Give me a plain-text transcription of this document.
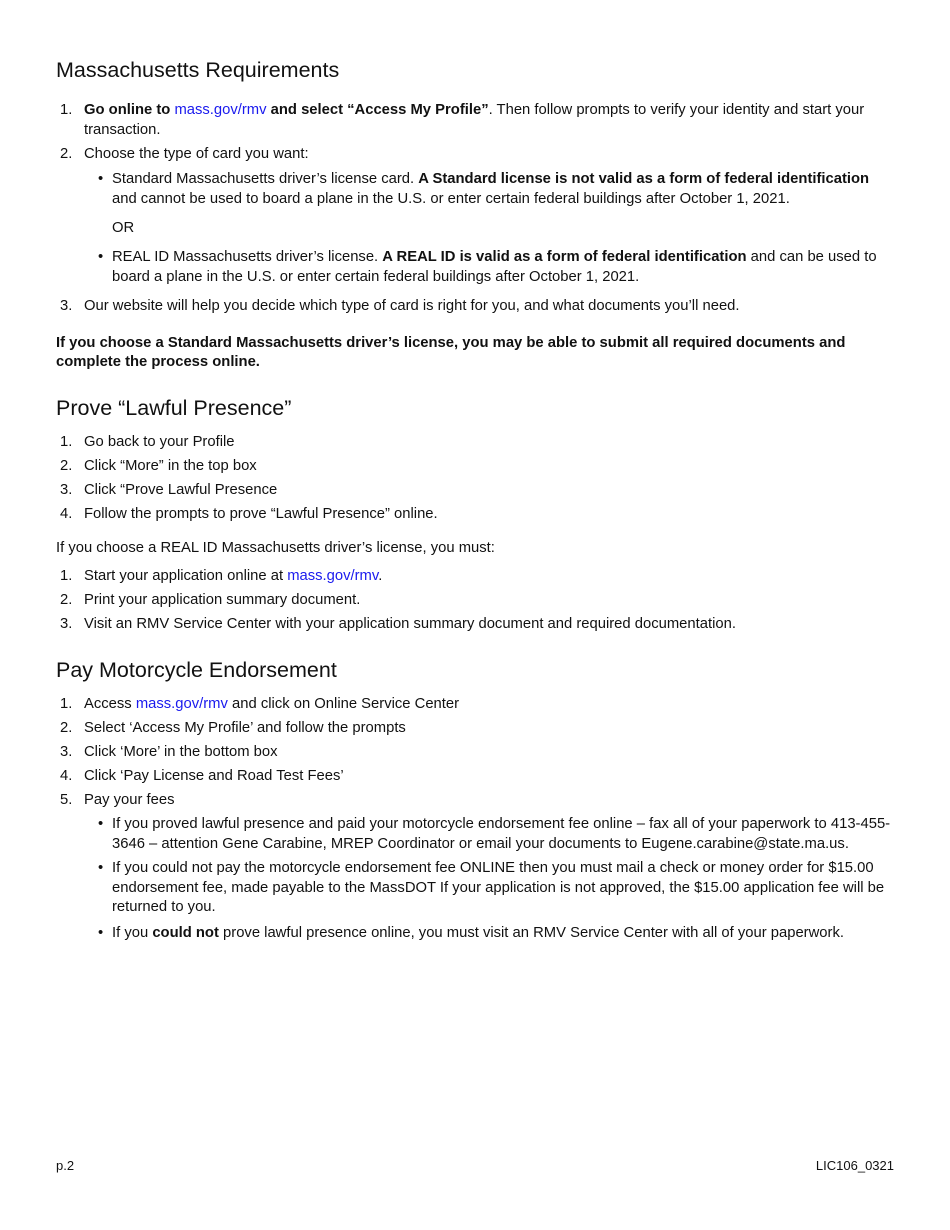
Massachusetts Requirements
1. Go online to mass.gov/rmv and select “Access My Profile”. Then follow prompts to verify your identity and start your transaction.
2. Choose the type of card you want:
• Standard Massachusetts driver’s license card. A Standard license is not valid as a form of federal identification and cannot be used to board a plane in the U.S. or enter certain federal buildings after October 1, 2021.
OR
• REAL ID Massachusetts driver’s license. A REAL ID is valid as a form of federal identification and can be used to board a plane in the U.S. or enter certain federal buildings after October 1, 2021.
3. Our website will help you decide which type of card is right for you, and what documents you’ll need.

If you choose a Standard Massachusetts driver’s license, you may be able to submit all required documents and complete the process online.

Prove “Lawful Presence”
1. Go back to your Profile
2. Click “More” in the top box
3. Click “Prove Lawful Presence
4. Follow the prompts to prove “Lawful Presence” online.

If you choose a REAL ID Massachusetts driver’s license, you must:

1. Start your application online at mass.gov/rmv.
2. Print your application summary document.
3. Visit an RMV Service Center with your application summary document and required documentation.
Pay Motorcycle Endorsement
1. Access mass.gov/rmv and click on Online Service Center
2. Select ‘Access My Profile’ and follow the prompts
3. Click ‘More’ in the bottom box
4. Click ‘Pay License and Road Test Fees’
5. Pay your fees
• If you proved lawful presence and paid your motorcycle endorsement fee online – fax all of your paperwork to 413-455-3646 – attention Gene Carabine, MREP Coordinator or email your documents to Eugene.carabine@state.ma.us.
• If you could not pay the motorcycle endorsement fee ONLINE then you must mail a check or money order for $15.00 endorsement fee, made payable to the MassDOT If your application is not approved, the $15.00 application fee will be returned to you.
• If you could not prove lawful presence online, you must visit an RMV Service Center with all of your paperwork.
p.2	LIC106_0321
